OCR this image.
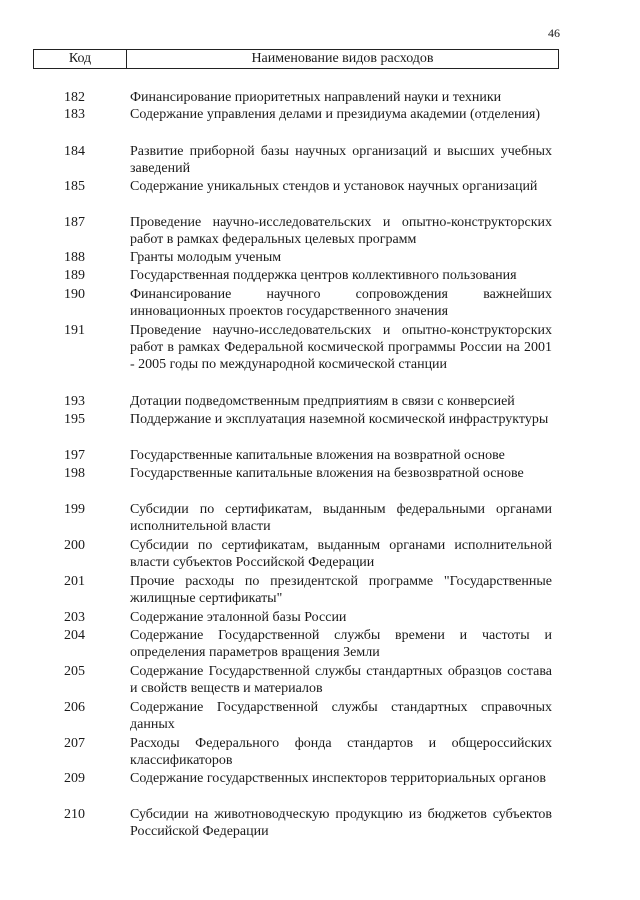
46
Код	Наименование видов расходов
182	Финансирование приоритетных направлений науки и техники
183	Содержание управления делами и президиума академии (отделения)
184	Развитие приборной базы научных организаций и высших учебных заведений
185	Содержание уникальных стендов и установок научных организаций
187	Проведение научно-исследовательских и опытно-конструкторских работ в рамках федеральных целевых программ
188	Гранты молодым ученым
189	Государственная поддержка центров коллективного пользования
190	Финансирование научного сопровождения важнейших инновационных проектов государственного значения
191	Проведение научно-исследовательских и опытно-конструкторских работ в рамках Федеральной космической программы России на 2001 - 2005 годы по международной космической станции
193	Дотации подведомственным предприятиям в связи с конверсией
195	Поддержание и эксплуатация наземной космической инфраструктуры
197	Государственные капитальные вложения на возвратной основе
198	Государственные капитальные вложения на безвозвратной основе
199	Субсидии по сертификатам, выданным федеральными органами исполнительной власти
200	Субсидии по сертификатам, выданным органами исполнительной власти субъектов Российской Федерации
201	Прочие расходы по президентской программе "Государственные жилищные сертификаты"
203	Содержание эталонной базы России
204	Содержание Государственной службы времени и частоты и определения параметров вращения Земли
205	Содержание Государственной службы стандартных образцов состава и свойств веществ и материалов
206	Содержание Государственной службы стандартных справочных данных
207	Расходы Федерального фонда стандартов и общероссийских классификаторов
209	Содержание государственных инспекторов территориальных органов
210	Субсидии на животноводческую продукцию из бюджетов субъектов Российской Федерации
